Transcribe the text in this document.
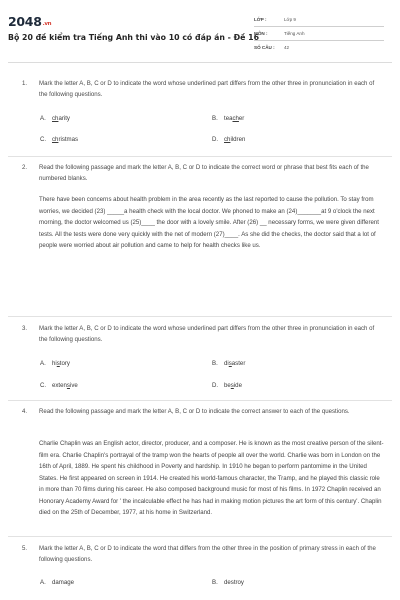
2048.vn
Bộ 20 đề kiểm tra Tiếng Anh thi vào 10 có đáp án - Đề 16
LỚP :	Lớp 9
MÔN :	Tiếng Anh
SỐ CÂU : 42
1. Mark the letter A, B, C or D to indicate the word whose underlined part differs from the other three in pronunciation in each of the following questions.
A. charity	B. teacher
C. christmas	D. children
2. Read the following passage and mark the letter A, B, C or D to indicate the correct word or phrase that best fits each of the numbered blanks.
There have been concerns about health problem in the area recently as the last reported to cause the pollution. To stay from worries, we decided (23) _____a health check with the local doctor. We phoned to make an (24)_______at 9 o'clock the next morning, the doctor welcomed us (25)____ the door with a lovely smile. After (26) __ necessary forms, we were given different tests. All the tests were done very quickly with the net of modern (27)____. As she did the checks, the doctor said that a lot of people were worried about air pollution and came to help for health checks like us.
3. Mark the letter A, B, C or D to indicate the word whose underlined part differs from the other three in pronunciation in each of the following questions.
A. history	B. disaster
C. extensive	D. beside
4. Read the following passage and mark the letter A, B, C or D to indicate the correct answer to each of the questions.
Charlie Chaplin was an English actor, director, producer, and a composer. He is known as the most creative person of the silent-film era. Charlie Chaplin's portrayal of the tramp won the hearts of people all over the world. Charlie was born in London on the 16th of April, 1889. He spent his childhood in Poverty and hardship. In 1910 he began to perform pantomime in the United States. He first appeared on screen in 1914. He created his world-famous character, the Tramp, and he played this classic role in more than 70 films during his career. He also composed background music for most of his films. In 1972 Chaplin received an Honorary Academy Award for ' the incalculable effect he has had in making motion pictures the art form of this century'. Chaplin died on the 25th of December, 1977, at his home in Switzerland.
5. Mark the letter A, B, C or D to indicate the word that differs from the other three in the position of primary stress in each of the following questions.
A. damage	B. destroy
